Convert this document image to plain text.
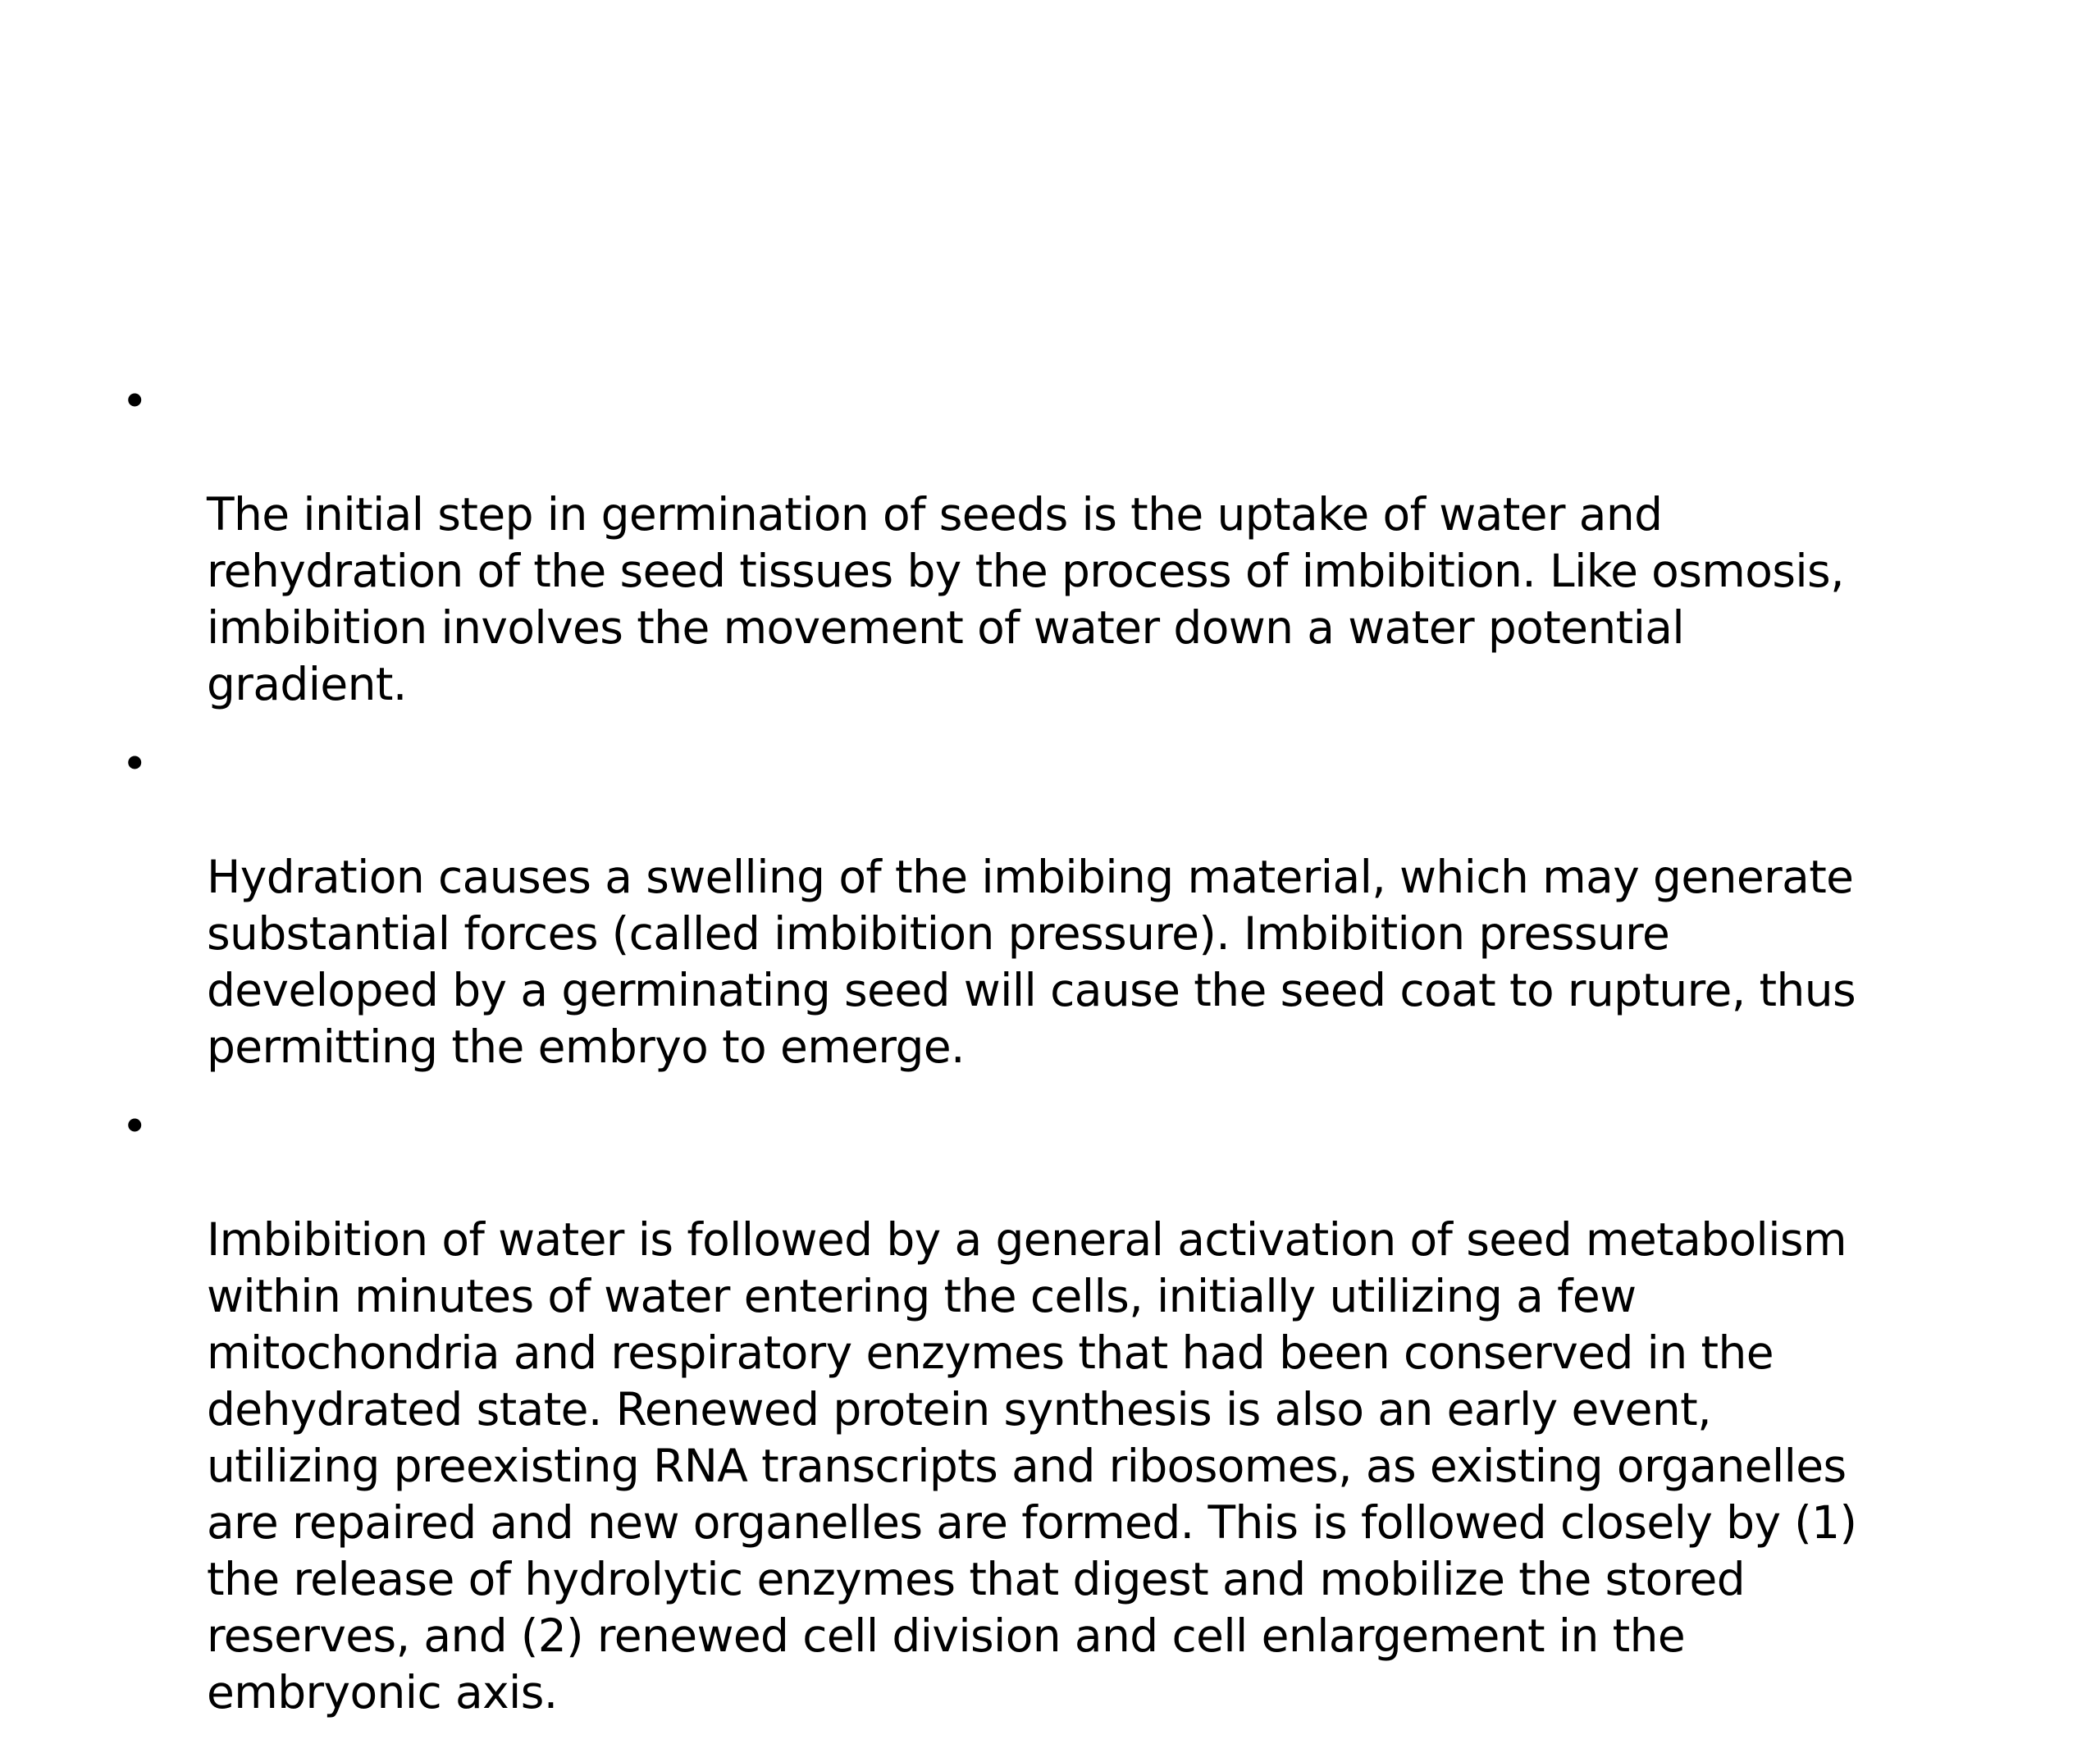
•

The initial step in germination of seeds is the uptake of water and
rehydration of the seed tissues by the process of imbibition. Like osmosis,
imbibition involves the movement of water down a water potential
gradient.

•

Hydration causes a swelling of the imbibing material, which may generate
substantial forces (called imbibition pressure). Imbibition pressure
developed by a germinating seed will cause the seed coat to rupture, thus
permitting the embryo to emerge.

•

Imbibition of water is followed by a general activation of seed metabolism
within minutes of water entering the cells, initially utilizing a few
mitochondria and respiratory enzymes that had been conserved in the
dehydrated state. Renewed protein synthesis is also an early event,
utilizing preexisting RNA transcripts and ribosomes, as existing organelles
are repaired and new organelles are formed. This is followed closely by (1)
the release of hydrolytic enzymes that digest and mobilize the stored
reserves, and (2) renewed cell division and cell enlargement in the
embryonic axis.
